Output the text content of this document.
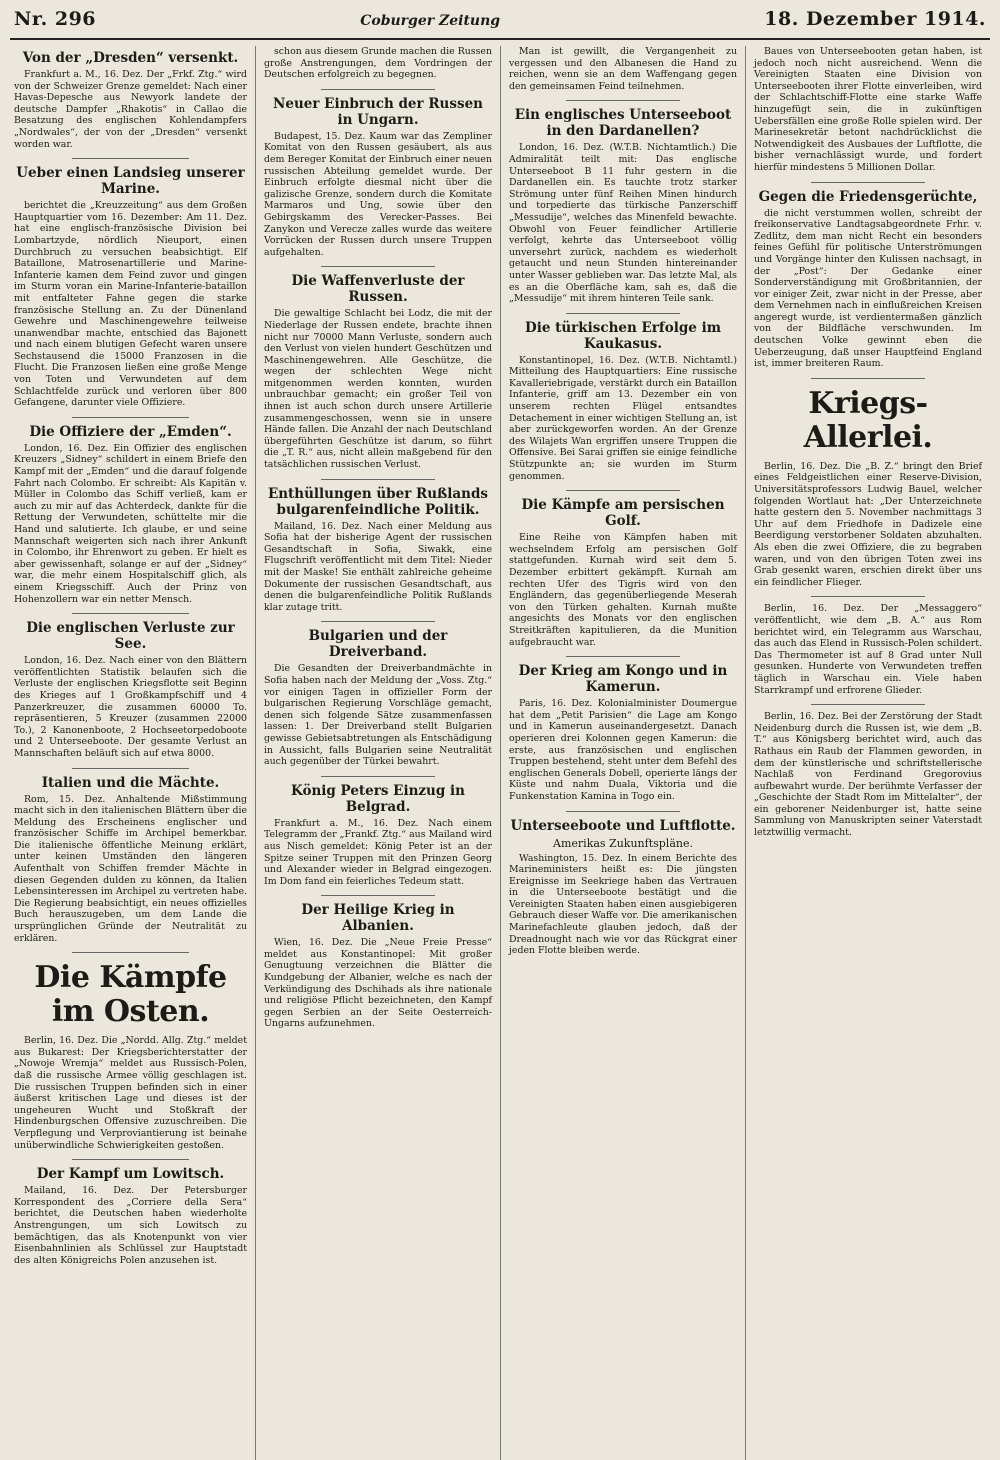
Nr. 296	Coburger Zeitung	18. Dezember 1914.
Von der „Dresden“ versenkt.

Frankfurt a. M., 16. Dez. Der „Frkf. Ztg.“ wird von der Schweizer Grenze gemeldet: Nach einer Havas-Depesche aus Newyork landete der deutsche Dampfer „Rhakotis“ in Callao die Besatzung des englischen Kohlendampfers „Nordwales“, der von der „Dresden“ versenkt worden war.

Ueber einen Landsieg unserer Marine.

berichtet die „Kreuzzeitung“ aus dem Großen Hauptquartier vom 16. Dezember: Am 11. Dez. hat eine englisch-französische Division bei Lombartzyde, nördlich Nieuport, einen Durchbruch zu versuchen beabsichtigt. Elf Bataillone, Matrosenartillerie und Marine-Infanterie kamen dem Feind zuvor und gingen im Sturm voran ein Marine-Infanterie-bataillon mit entfalteter Fahne gegen die starke französische Stellung an. Zu der Dünenland Gewehre und Maschinengewehre teilweise unanwendbar machte, entschied das Bajonett und nach einem blutigen Gefecht waren unsere Sechstausend die 15000 Franzosen in die Flucht. Die Franzosen ließen eine große Menge von Toten und Verwundeten auf dem Schlachtfelde zurück und verloren über 800 Gefangene, darunter viele Offiziere.

Die Offiziere der „Emden“.

London, 16. Dez. Ein Offizier des englischen Kreuzers „Sidney“ schildert in einem Briefe den Kampf mit der „Emden“ und die darauf folgende Fahrt nach Colombo. Er schreibt: Als Kapitän v. Müller in Colombo das Schiff verließ, kam er auch zu mir auf das Achterdeck, dankte für die Rettung der Verwundeten, schüttelte mir die Hand und salutierte. Ich glaube, er und seine Mannschaft weigerten sich nach ihrer Ankunft in Colombo, ihr Ehrenwort zu geben. Er hielt es aber gewissenhaft, solange er auf der „Sidney“ war, die mehr einem Hospitalschiff glich, als einem Kriegsschiff. Auch der Prinz von Hohenzollern war ein netter Mensch.

Die englischen Verluste zur See.

London, 16. Dez. Nach einer von den Blättern veröffentlichten Statistik belaufen sich die Verluste der englischen Kriegsflotte seit Beginn des Krieges auf 1 Großkampfschiff und 4 Panzerkreuzer, die zusammen 60000 To. repräsentieren, 5 Kreuzer (zusammen 22000 To.), 2 Kanonenboote, 2 Hochseetorpedoboote und 2 Unterseeboote. Der gesamte Verlust an Mannschaften beläuft sich auf etwa 8000.

Italien und die Mächte.

Rom, 15. Dez. Anhaltende Mißstimmung macht sich in den italienischen Blättern über die Meldung des Erscheinens englischer und französischer Schiffe im Archipel bemerkbar. Die italienische öffentliche Meinung erklärt, unter keinen Umständen den längeren Aufenthalt von Schiffen fremder Mächte in diesen Gegenden dulden zu können, da Italien Lebensinteressen im Archipel zu vertreten habe. Die Regierung beabsichtigt, ein neues offizielles Buch herauszugeben, um dem Lande die ursprünglichen Gründe der Neutralität zu erklären.

Die Kämpfe im Osten.

Berlin, 16. Dez. Die „Nordd. Allg. Ztg.“ meldet aus Bukarest: Der Kriegsberichterstatter der „Nowoje Wremja“ meldet aus Russisch-Polen, daß die russische Armee völlig geschlagen ist. Die russischen Truppen befinden sich in einer äußerst kritischen Lage und dieses ist der ungeheuren Wucht und Stoßkraft der Hindenburgschen Offensive zuzuschreiben. Die Verpflegung und Verproviantierung ist beinahe unüberwindliche Schwierigkeiten gestoßen.

Der Kampf um Lowitsch.

Mailand, 16. Dez. Der Petersburger Korrespondent des „Corriere della Sera“ berichtet, die Deutschen haben wiederholte Anstrengungen, um sich Lowitsch zu bemächtigen, das als Knotenpunkt von vier Eisenbahnlinien als Schlüssel zur Hauptstadt des alten Königreichs Polen anzusehen ist.

schon aus diesem Grunde machen die Russen große Anstrengungen, dem Vordringen der Deutschen erfolgreich zu begegnen.

Neuer Einbruch der Russen in Ungarn.

Budapest, 15. Dez. Kaum war das Zempliner Komitat von den Russen gesäubert, als aus dem Bereger Komitat der Einbruch einer neuen russischen Abteilung gemeldet wurde. Der Einbruch erfolgte diesmal nicht über die galizische Grenze, sondern durch die Komitate Marmaros und Ung, sowie über den Gebirgskamm des Verecker-Passes. Bei Zanykon und Verecze zalles wurde das weitere Vorrücken der Russen durch unsere Truppen aufgehalten.

Die Waffenverluste der Russen.

Die gewaltige Schlacht bei Lodz, die mit der Niederlage der Russen endete, brachte ihnen nicht nur 70000 Mann Verluste, sondern auch den Verlust von vielen hundert Geschützen und Maschinengewehren. Alle Geschütze, die wegen der schlechten Wege nicht mitgenommen werden konnten, wurden unbrauchbar gemacht; ein großer Teil von ihnen ist auch schon durch unsere Artillerie zusammengeschossen, wenn sie in unsere Hände fallen. Die Anzahl der nach Deutschland übergeführten Geschütze ist darum, so führt die „T. R.“ aus, nicht allein maßgebend für den tatsächlichen russischen Verlust.

Enthüllungen über Rußlands bulgarenfeindliche Politik.

Mailand, 16. Dez. Nach einer Meldung aus Sofia hat der bisherige Agent der russischen Gesandtschaft in Sofia, Siwakk, eine Flugschrift veröffentlicht mit dem Titel: Nieder mit der Maske! Sie enthält zahlreiche geheime Dokumente der russischen Gesandtschaft, aus denen die bulgarenfeindliche Politik Rußlands klar zutage tritt.

Bulgarien und der Dreiverband.

Die Gesandten der Dreiverbandmächte in Sofia haben nach der Meldung der „Voss. Ztg.“ vor einigen Tagen in offizieller Form der bulgarischen Regierung Vorschläge gemacht, denen sich folgende Sätze zusammenfassen lassen: 1. Der Dreiverband stellt Bulgarien gewisse Gebietsabtretungen als Entschädigung in Aussicht, falls Bulgarien seine Neutralität auch gegenüber der Türkei bewahrt.

König Peters Einzug in Belgrad.

Frankfurt a. M., 16. Dez. Nach einem Telegramm der „Frankf. Ztg.“ aus Mailand wird aus Nisch gemeldet: König Peter ist an der Spitze seiner Truppen mit den Prinzen Georg und Alexander wieder in Belgrad eingezogen. Im Dom fand ein feierliches Tedeum statt.

Der Heilige Krieg in Albanien.

Wien, 16. Dez. Die „Neue Freie Presse“ meldet aus Konstantinopel: Mit großer Genugtuung verzeichnen die Blätter die Kundgebung der Albanier, welche es nach der Verkündigung des Dschihads als ihre nationale und religiöse Pflicht bezeichneten, den Kampf gegen Serbien an der Seite Oesterreich-Ungarns aufzunehmen.

Man ist gewillt, die Vergangenheit zu vergessen und den Albanesen die Hand zu reichen, wenn sie an dem Waffengang gegen den gemeinsamen Feind teilnehmen.

Ein englisches Unterseeboot in den Dardanellen?

London, 16. Dez. (W.T.B. Nichtamtlich.) Die Admiralität teilt mit: Das englische Unterseeboot B 11 fuhr gestern in die Dardanellen ein. Es tauchte trotz starker Strömung unter fünf Reihen Minen hindurch und torpedierte das türkische Panzerschiff „Messudije“, welches das Minenfeld bewachte. Obwohl von Feuer feindlicher Artillerie verfolgt, kehrte das Unterseeboot völlig unversehrt zurück, nachdem es wiederholt getaucht und neun Stunden hintereinander unter Wasser geblieben war. Das letzte Mal, als es an die Oberfläche kam, sah es, daß die „Messudije“ mit ihrem hinteren Teile sank.

Die türkischen Erfolge im Kaukasus.

Konstantinopel, 16. Dez. (W.T.B. Nichtamtl.) Mitteilung des Hauptquartiers: Eine russische Kavalleriebrigade, verstärkt durch ein Bataillon Infanterie, griff am 13. Dezember ein von unserem rechten Flügel entsandtes Detachement in einer wichtigen Stellung an, ist aber zurückgeworfen worden. An der Grenze des Wilajets Wan ergriffen unsere Truppen die Offensive. Bei Sarai griffen sie einige feindliche Stützpunkte an; sie wurden im Sturm genommen.

Die Kämpfe am persischen Golf.

Eine Reihe von Kämpfen haben mit wechselndem Erfolg am persischen Golf stattgefunden. Kurnah wird seit dem 5. Dezember erbittert gekämpft. Kurnah am rechten Ufer des Tigris wird von den Engländern, das gegenüberliegende Meserah von den Türken gehalten. Kurnah mußte angesichts des Monats vor den englischen Streitkräften kapitulieren, da die Munition aufgebraucht war.

Der Krieg am Kongo und in Kamerun.

Paris, 16. Dez. Kolonialminister Doumergue hat dem „Petit Parisien“ die Lage am Kongo und in Kamerun auseinandergesetzt. Danach operieren drei Kolonnen gegen Kamerun: die erste, aus französischen und englischen Truppen bestehend, steht unter dem Befehl des englischen Generals Dobell, operierte längs der Küste und nahm Duala, Viktoria und die Funkenstation Kamina in Togo ein.

Unterseeboote und Luftflotte.
Amerikas Zukunftspläne.

Washington, 15. Dez. In einem Berichte des Marineministers heißt es: Die jüngsten Ereignisse im Seekriege haben das Vertrauen in die Unterseeboote bestätigt und die Vereinigten Staaten haben einen ausgiebigeren Gebrauch dieser Waffe vor. Die amerikanischen Marinefachleute glauben jedoch, daß der Dreadnought nach wie vor das Rückgrat einer jeden Flotte bleiben werde.

Baues von Unterseebooten getan haben, ist jedoch noch nicht ausreichend. Wenn die Vereinigten Staaten eine Division von Unterseebooten ihrer Flotte einverleiben, wird der Schlachtschiff-Flotte eine starke Waffe hinzugefügt sein, die in zukünftigen Uebersfällen eine große Rolle spielen wird. Der Marinesekretär betont nachdrücklichst die Notwendigkeit des Ausbaues der Luftflotte, die bisher vernachlässigt wurde, und fordert hierfür mindestens 5 Millionen Dollar.

Gegen die Friedensgerüchte,

die nicht verstummen wollen, schreibt der freikonservative Landtagsabgeordnete Frhr. v. Zedlitz, dem man nicht Recht ein besonders feines Gefühl für politische Unterströmungen und Vorgänge hinter den Kulissen nachsagt, in der „Post“: Der Gedanke einer Sonderverständigung mit Großbritannien, der vor einiger Zeit, zwar nicht in der Presse, aber dem Vernehmen nach in einflußreichen Kreisen angeregt wurde, ist verdientermaßen gänzlich von der Bildfläche verschwunden. Im deutschen Volke gewinnt eben die Ueberzeugung, daß unser Hauptfeind England ist, immer breiteren Raum.

Kriegs-Allerlei.

Berlin, 16. Dez. Die „B. Z.“ bringt den Brief eines Feldgeistlichen einer Reserve-Division, Universitätsprofessors Ludwig Bauel, welcher folgenden Wortlaut hat: „Der Unterzeichnete hatte gestern den 5. November nachmittags 3 Uhr auf dem Friedhofe in Dadizele eine Beerdigung verstorbener Soldaten abzuhalten. Als eben die zwei Offiziere, die zu begraben waren, und von den übrigen Toten zwei ins Grab gesenkt waren, erschien direkt über uns ein feindlicher Flieger.

Berlin, 16. Dez. Der „Messaggero“ veröffentlicht, wie dem „B. A.“ aus Rom berichtet wird, ein Telegramm aus Warschau, das auch das Elend in Russisch-Polen schildert. Das Thermometer ist auf 8 Grad unter Null gesunken. Hunderte von Verwundeten treffen täglich in Warschau ein. Viele haben Starrkrampf und erfrorene Glieder.

Berlin, 16. Dez. Bei der Zerstörung der Stadt Neidenburg durch die Russen ist, wie dem „B. T.“ aus Königsberg berichtet wird, auch das Rathaus ein Raub der Flammen geworden, in dem der künstlerische und schriftstellerische Nachlaß von Ferdinand Gregorovius aufbewahrt wurde. Der berühmte Verfasser der „Geschichte der Stadt Rom im Mittelalter“, der ein geborener Neidenburger ist, hatte seine Sammlung von Manuskripten seiner Vaterstadt letztwillig vermacht.
